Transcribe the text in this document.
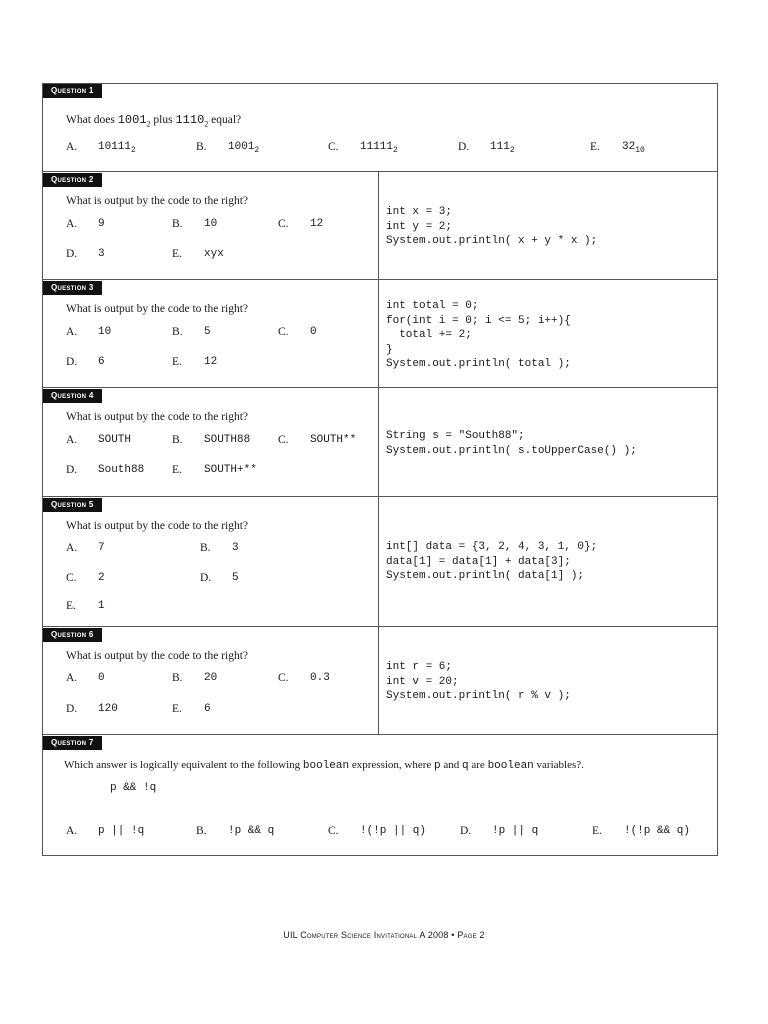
Question 1
What does $1001_2$ plus $1110_2$ equal?
A. $10111_2$	B. $1001_2$	C. $11111_2$	D. $111_2$	E. $32_{10}$
Question 2
What is output by the code to the right?
A. 9	B. 10	C. 12
D. 3	E. xyx
int x = 3;
int y = 2;
System.out.println( x + y * x );
Question 3
What is output by the code to the right?
A. 10	B. 5	C. 0
D. 6	E. 12
int total = 0;
for(int i = 0; i <= 5; i++){
total += 2;
}
System.out.println( total );
Question 4
What is output by the code to the right?
A. SOUTH	B. SOUTH88	C. SOUTH**
D. South88 E. SOUTH+**
String s = "South88";
System.out.println( s.toUpperCase() );
Question 5
What is output by the code to the right?
A. 7	B. 3
C. 2	D. 5
E. 1
int[] data = {3, 2, 4, 3, 1, 0};
data[1] = data[1] + data[3];
System.out.println( data[1] );
Question 6
What is output by the code to the right?
A. 0	B. 20	C. 0.3
D. 120	E. 6
int r = 6;
int v = 20;
System.out.println( r % v );
Question 7
Which answer is logically equivalent to the following boolean expression, where p and q are boolean variables?.
p && !q
A. p || !q	B. !p && q	C. !(!p || q)	D. !p || q	E. !(!p && q)
UIL Computer Science Invitational A 2008 • Page 2
